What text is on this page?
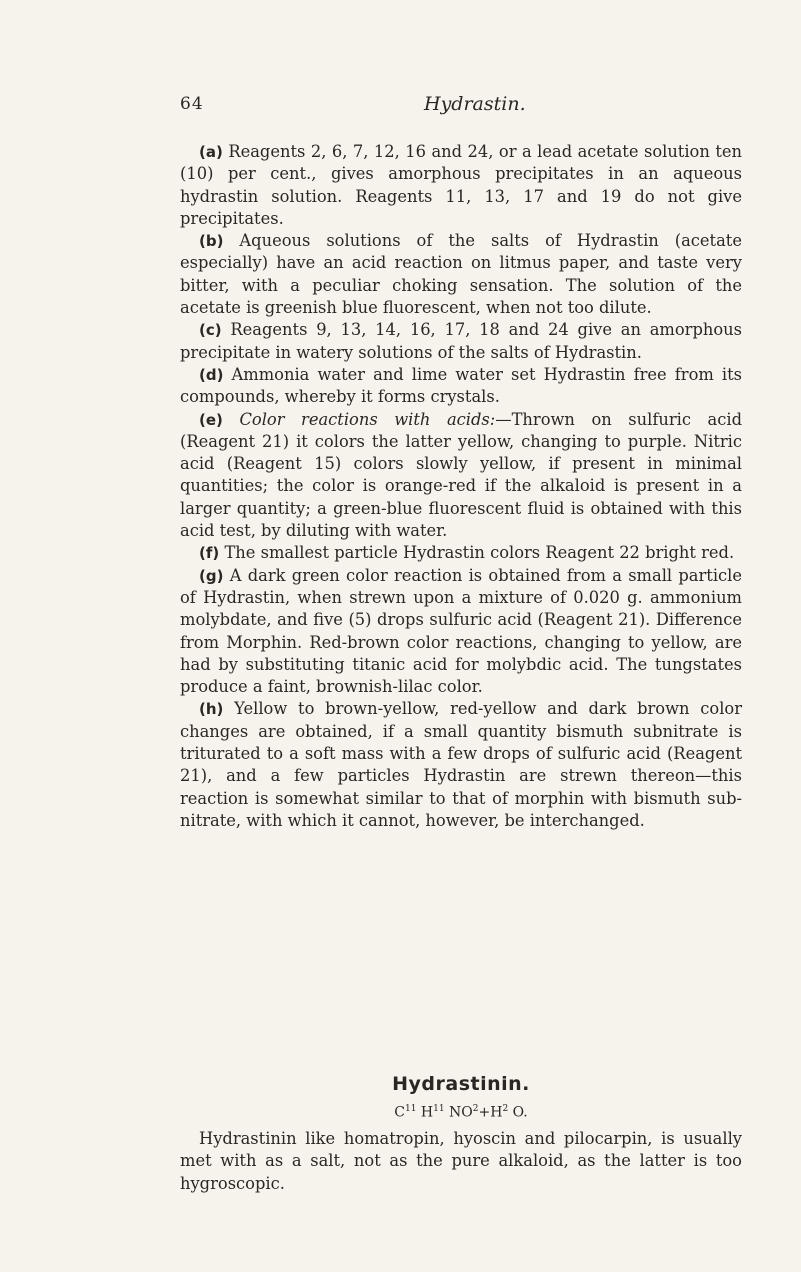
64	Hydrastin.

(a) Reagents 2, 6, 7, 12, 16 and 24, or a lead acetate solution ten (10) per cent., gives amorphous precipitates in an aqueous hydrastin solution. Reagents 11, 13, 17 and 19 do not give precipitates.

(b) Aqueous solutions of the salts of Hydrastin (acetate especially) have an acid reaction on litmus paper, and taste very bitter, with a peculiar choking sensation. The solution of the acetate is greenish blue fluorescent, when not too dilute.

(c) Reagents 9, 13, 14, 16, 17, 18 and 24 give an amorphous precipitate in watery solutions of the salts of Hydrastin.

(d) Ammonia water and lime water set Hydrastin free from its compounds, whereby it forms crystals.

(e) Color reactions with acids:—Thrown on sulfuric acid (Reagent 21) it colors the latter yellow, changing to purple. Nitric acid (Reagent 15) colors slowly yellow, if present in minimal quantities; the color is orange-red if the alkaloid is present in a larger quantity; a green-blue fluorescent fluid is obtained with this acid test, by diluting with water.

(f) The smallest particle Hydrastin colors Reagent 22 bright red.

(g) A dark green color reaction is obtained from a small particle of Hydrastin, when strewn upon a mixture of 0.020 g. ammonium molybdate, and five (5) drops sulfuric acid (Reagent 21). Difference from Morphin. Red-brown color reactions, changing to yellow, are had by substituting titanic acid for molybdic acid. The tungstates produce a faint, brownish-lilac color.

(h) Yellow to brown-yellow, red-yellow and dark brown color changes are obtained, if a small quantity bismuth subnitrate is triturated to a soft mass with a few drops of sulfuric acid (Reagent 21), and a few particles Hydrastin are strewn thereon—this reaction is somewhat similar to that of morphin with bismuth sub-nitrate, with which it cannot, however, be interchanged.

Hydrastinin.
$C^{11}$ $H^{11}$ $NO^2+H^2$ O.

Hydrastinin like homatropin, hyoscin and pilocarpin, is usually met with as a salt, not as the pure alkaloid, as the latter is too hygroscopic.
